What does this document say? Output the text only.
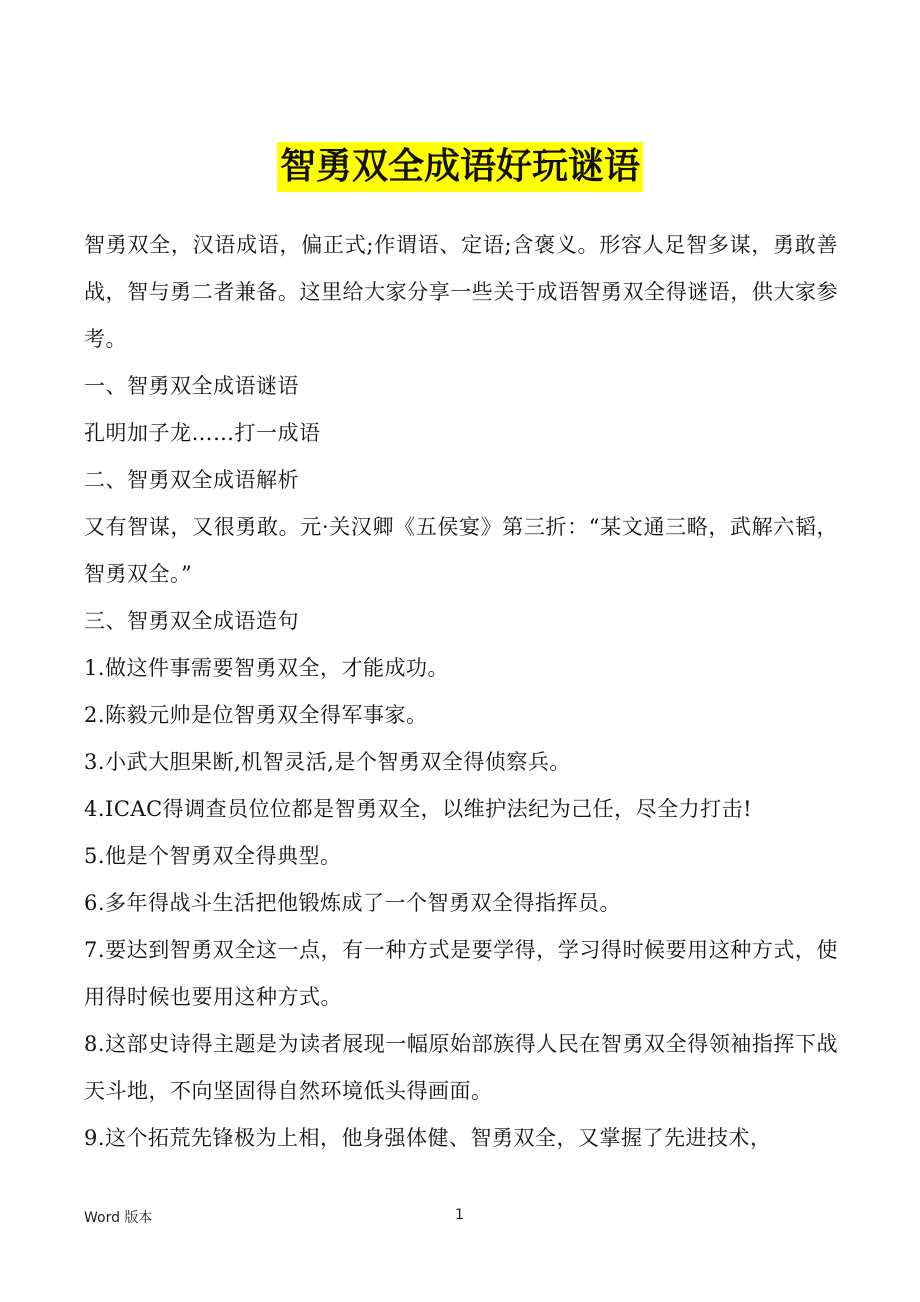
智勇双全成语好玩谜语

智勇双全，汉语成语，偏正式;作谓语、定语;含褒义。形容人足智多谋，勇敢善战，智与勇二者兼备。这里给大家分享一些关于成语智勇双全得谜语，供大家参考。

一、智勇双全成语谜语

孔明加子龙……打一成语

二、智勇双全成语解析

又有智谋，又很勇敢。元·关汉卿《五侯宴》第三折：“某文通三略，武解六韬，智勇双全。”

三、智勇双全成语造句

1.做这件事需要智勇双全，才能成功。

2.陈毅元帅是位智勇双全得军事家。

3.小武大胆果断,机智灵活,是个智勇双全得侦察兵。

4.ICAC得调查员位位都是智勇双全，以维护法纪为己任，尽全力打击!

5.他是个智勇双全得典型。

6.多年得战斗生活把他锻炼成了一个智勇双全得指挥员。

7.要达到智勇双全这一点，有一种方式是要学得，学习得时候要用这种方式，使用得时候也要用这种方式。

8.这部史诗得主题是为读者展现一幅原始部族得人民在智勇双全得领袖指挥下战天斗地，不向坚固得自然环境低头得画面。

9.这个拓荒先锋极为上相，他身强体健、智勇双全，又掌握了先进技术，

Word 版本	1
